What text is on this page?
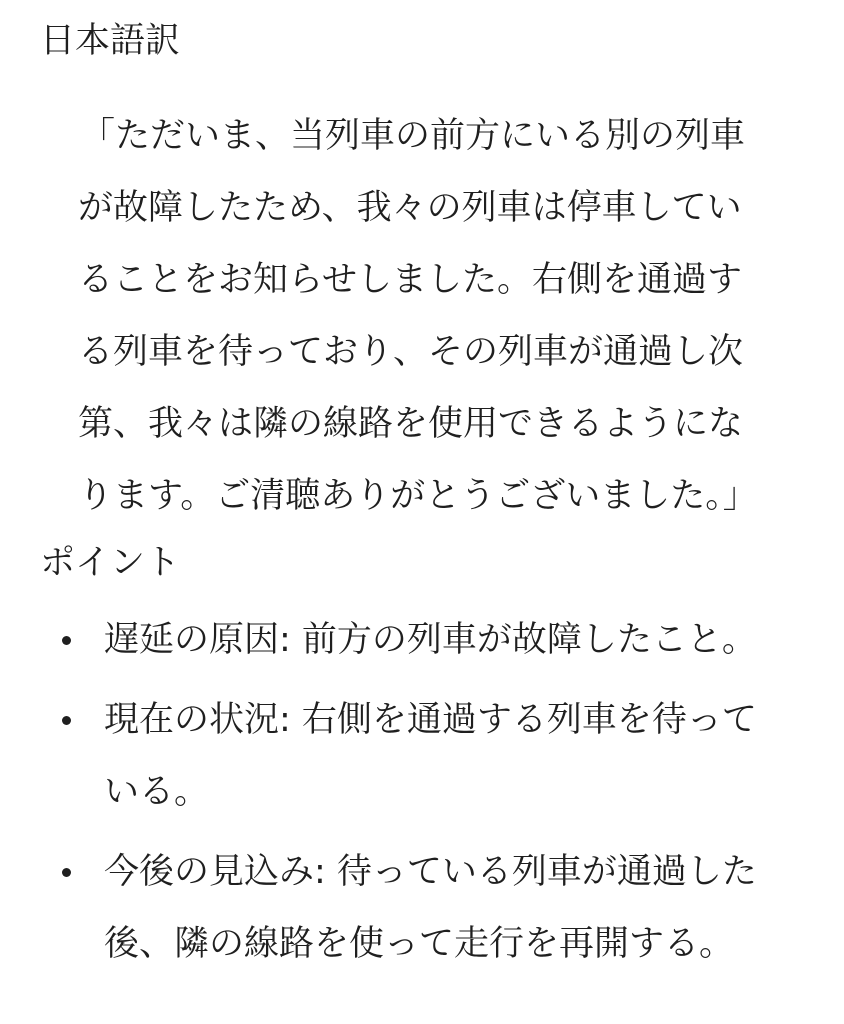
日本語訳
「ただいま、当列車の前方にいる別の列車
が故障したため、我々の列車は停車してい
ることをお知らせしました。右側を通過す
る列車を待っており、その列車が通過し次
第、我々は隣の線路を使用できるようにな
ります。ご清聴ありがとうございました。」
ポイント
遅延の原因: 前方の列車が故障したこと。
現在の状況: 右側を通過する列車を待って
いる。
今後の見込み: 待っている列車が通過した
後、隣の線路を使って走行を再開する。
